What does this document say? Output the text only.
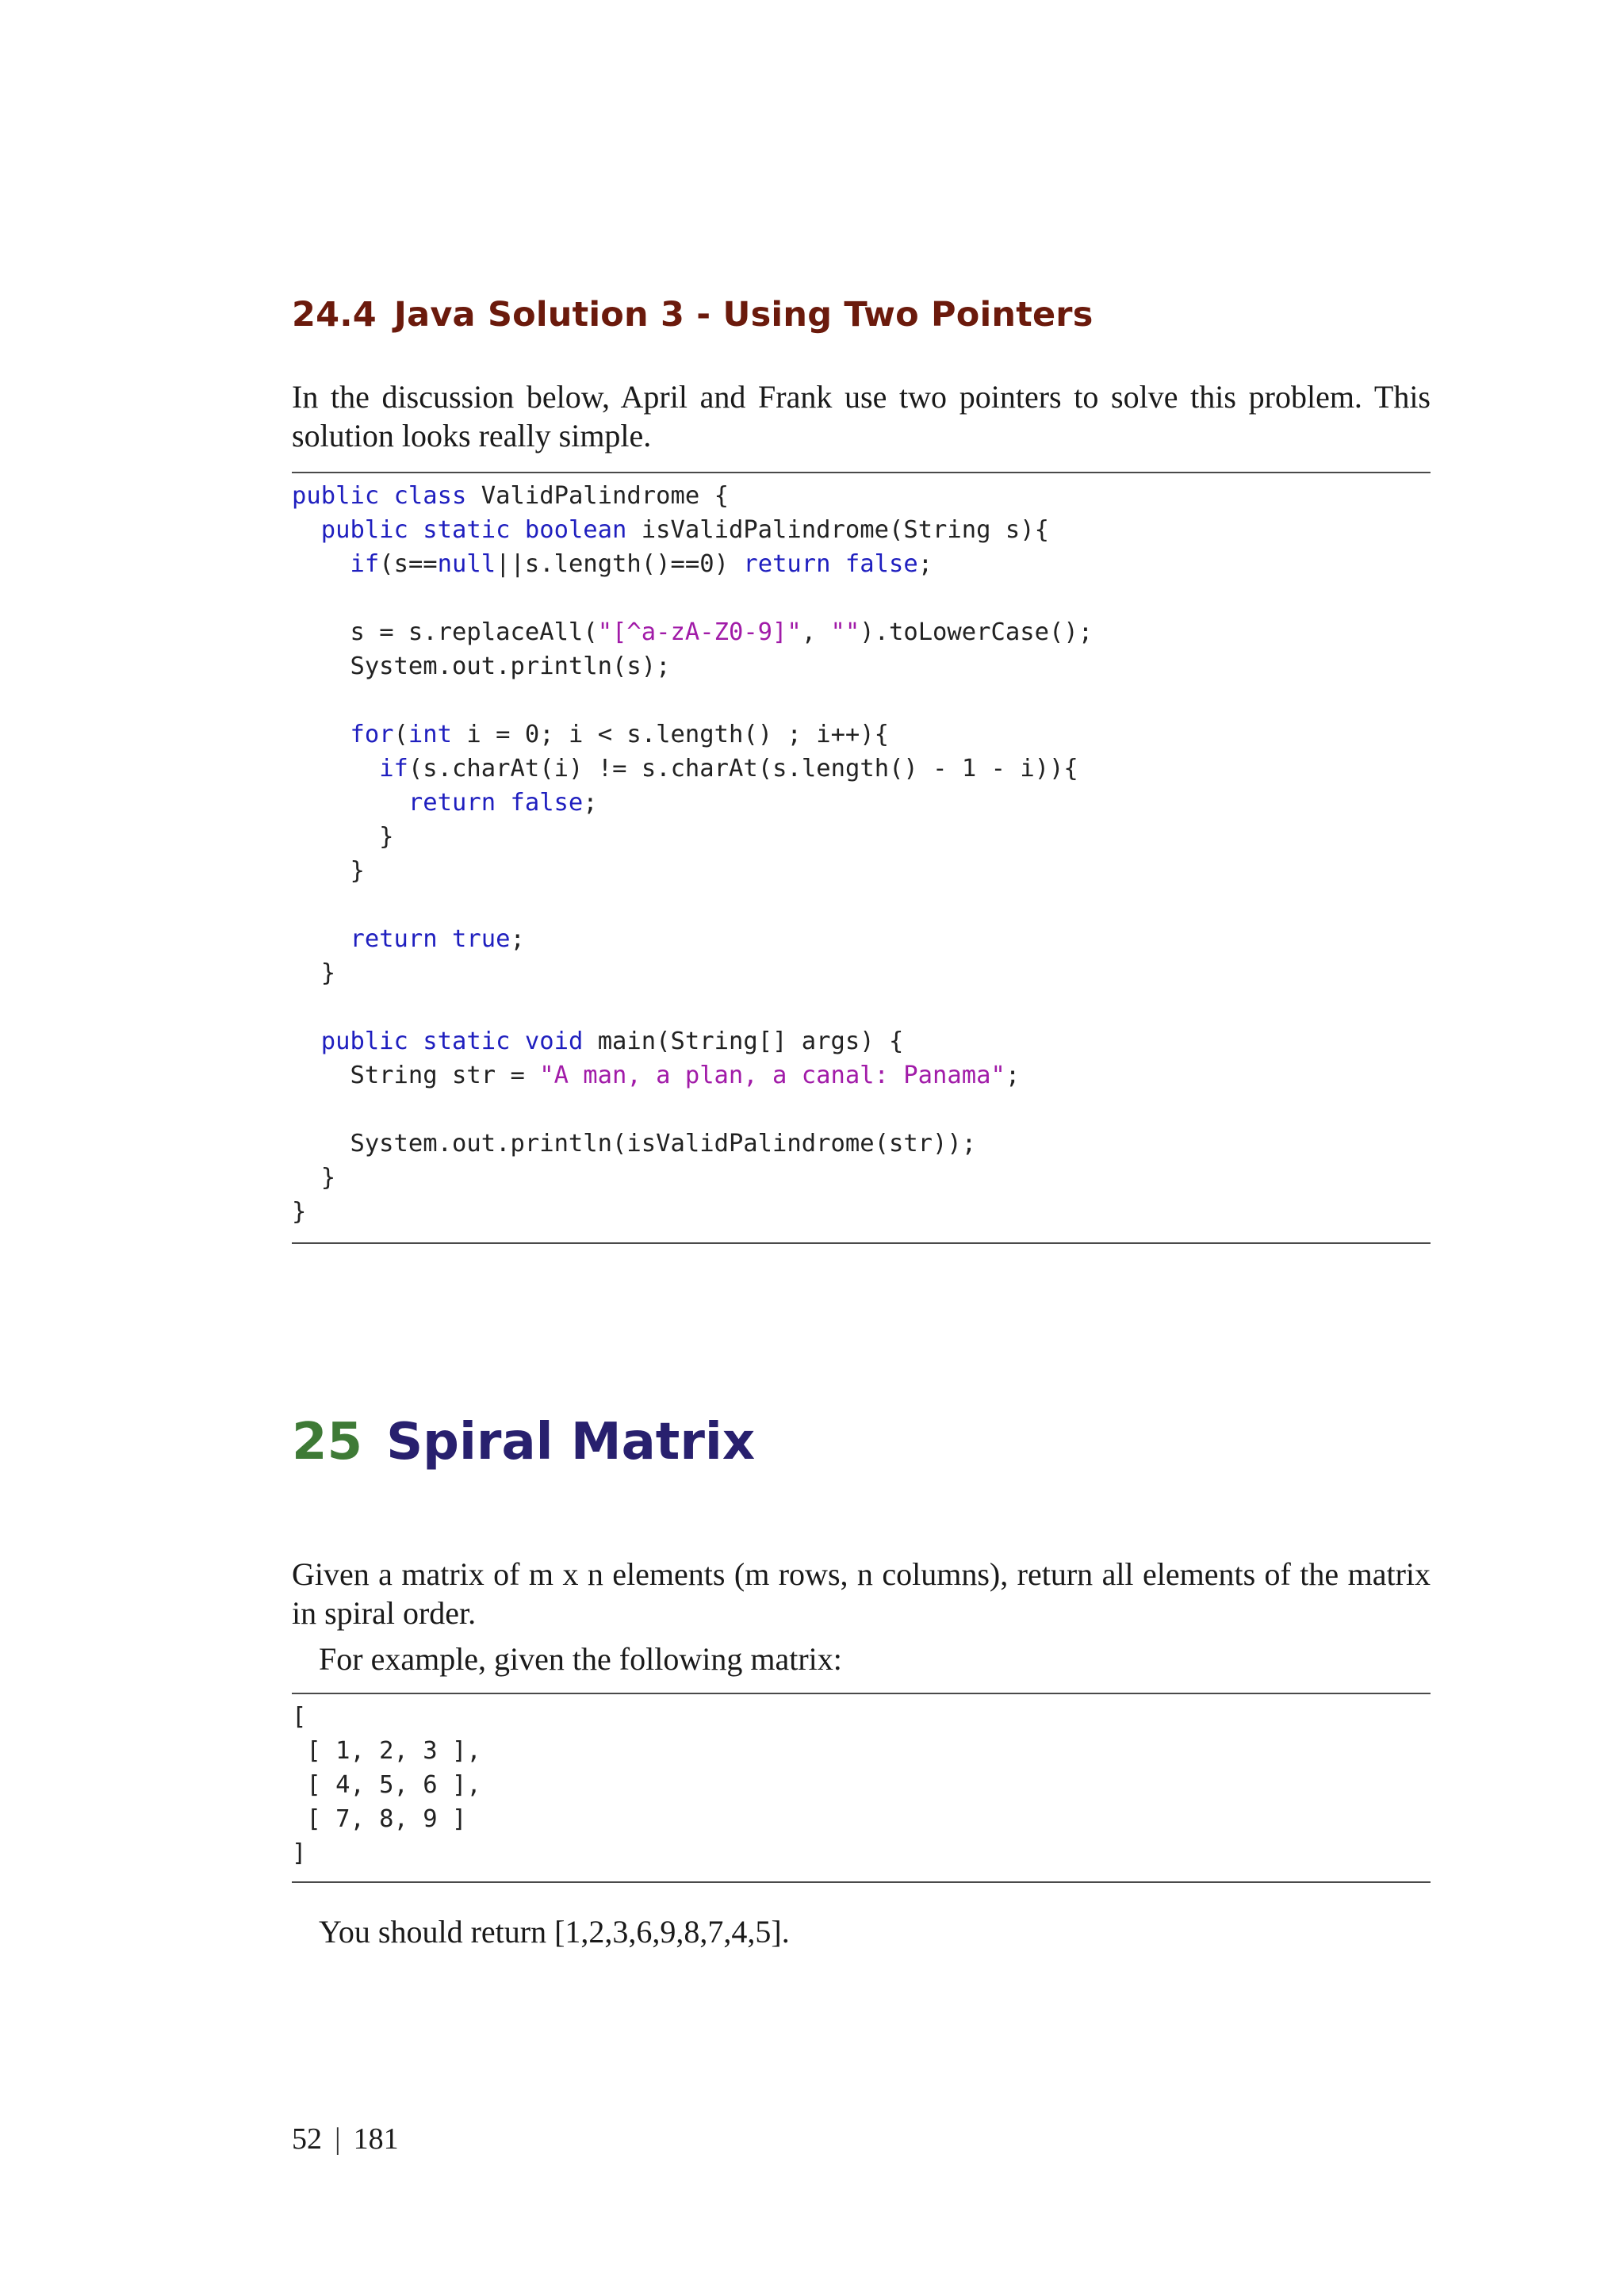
24.4 Java Solution 3 - Using Two Pointers

In the discussion below, April and Frank use two pointers to solve this problem. This solution looks really simple.

public class ValidPalindrome {
public static boolean isValidPalindrome(String s){
if(s==null||s.length()==0) return false;
s = s.replaceAll("[^a-zA-Z0-9]", "").toLowerCase();
System.out.println(s);
for(int i = 0; i < s.length() ; i++){
if(s.charAt(i) != s.charAt(s.length() - 1 - i)){
return false;
}
}
return true;
}
public static void main(String[] args) {
String str = "A man, a plan, a canal: Panama";
System.out.println(isValidPalindrome(str));
}
}
25 Spiral Matrix

Given a matrix of m x n elements (m rows, n columns), return all elements of the matrix in spiral order.

For example, given the following matrix:

[
[ 1, 2, 3 ],
[ 4, 5, 6 ],
[ 7, 8, 9 ]
]

You should return [1,2,3,6,9,8,7,4,5].

52 | 181
